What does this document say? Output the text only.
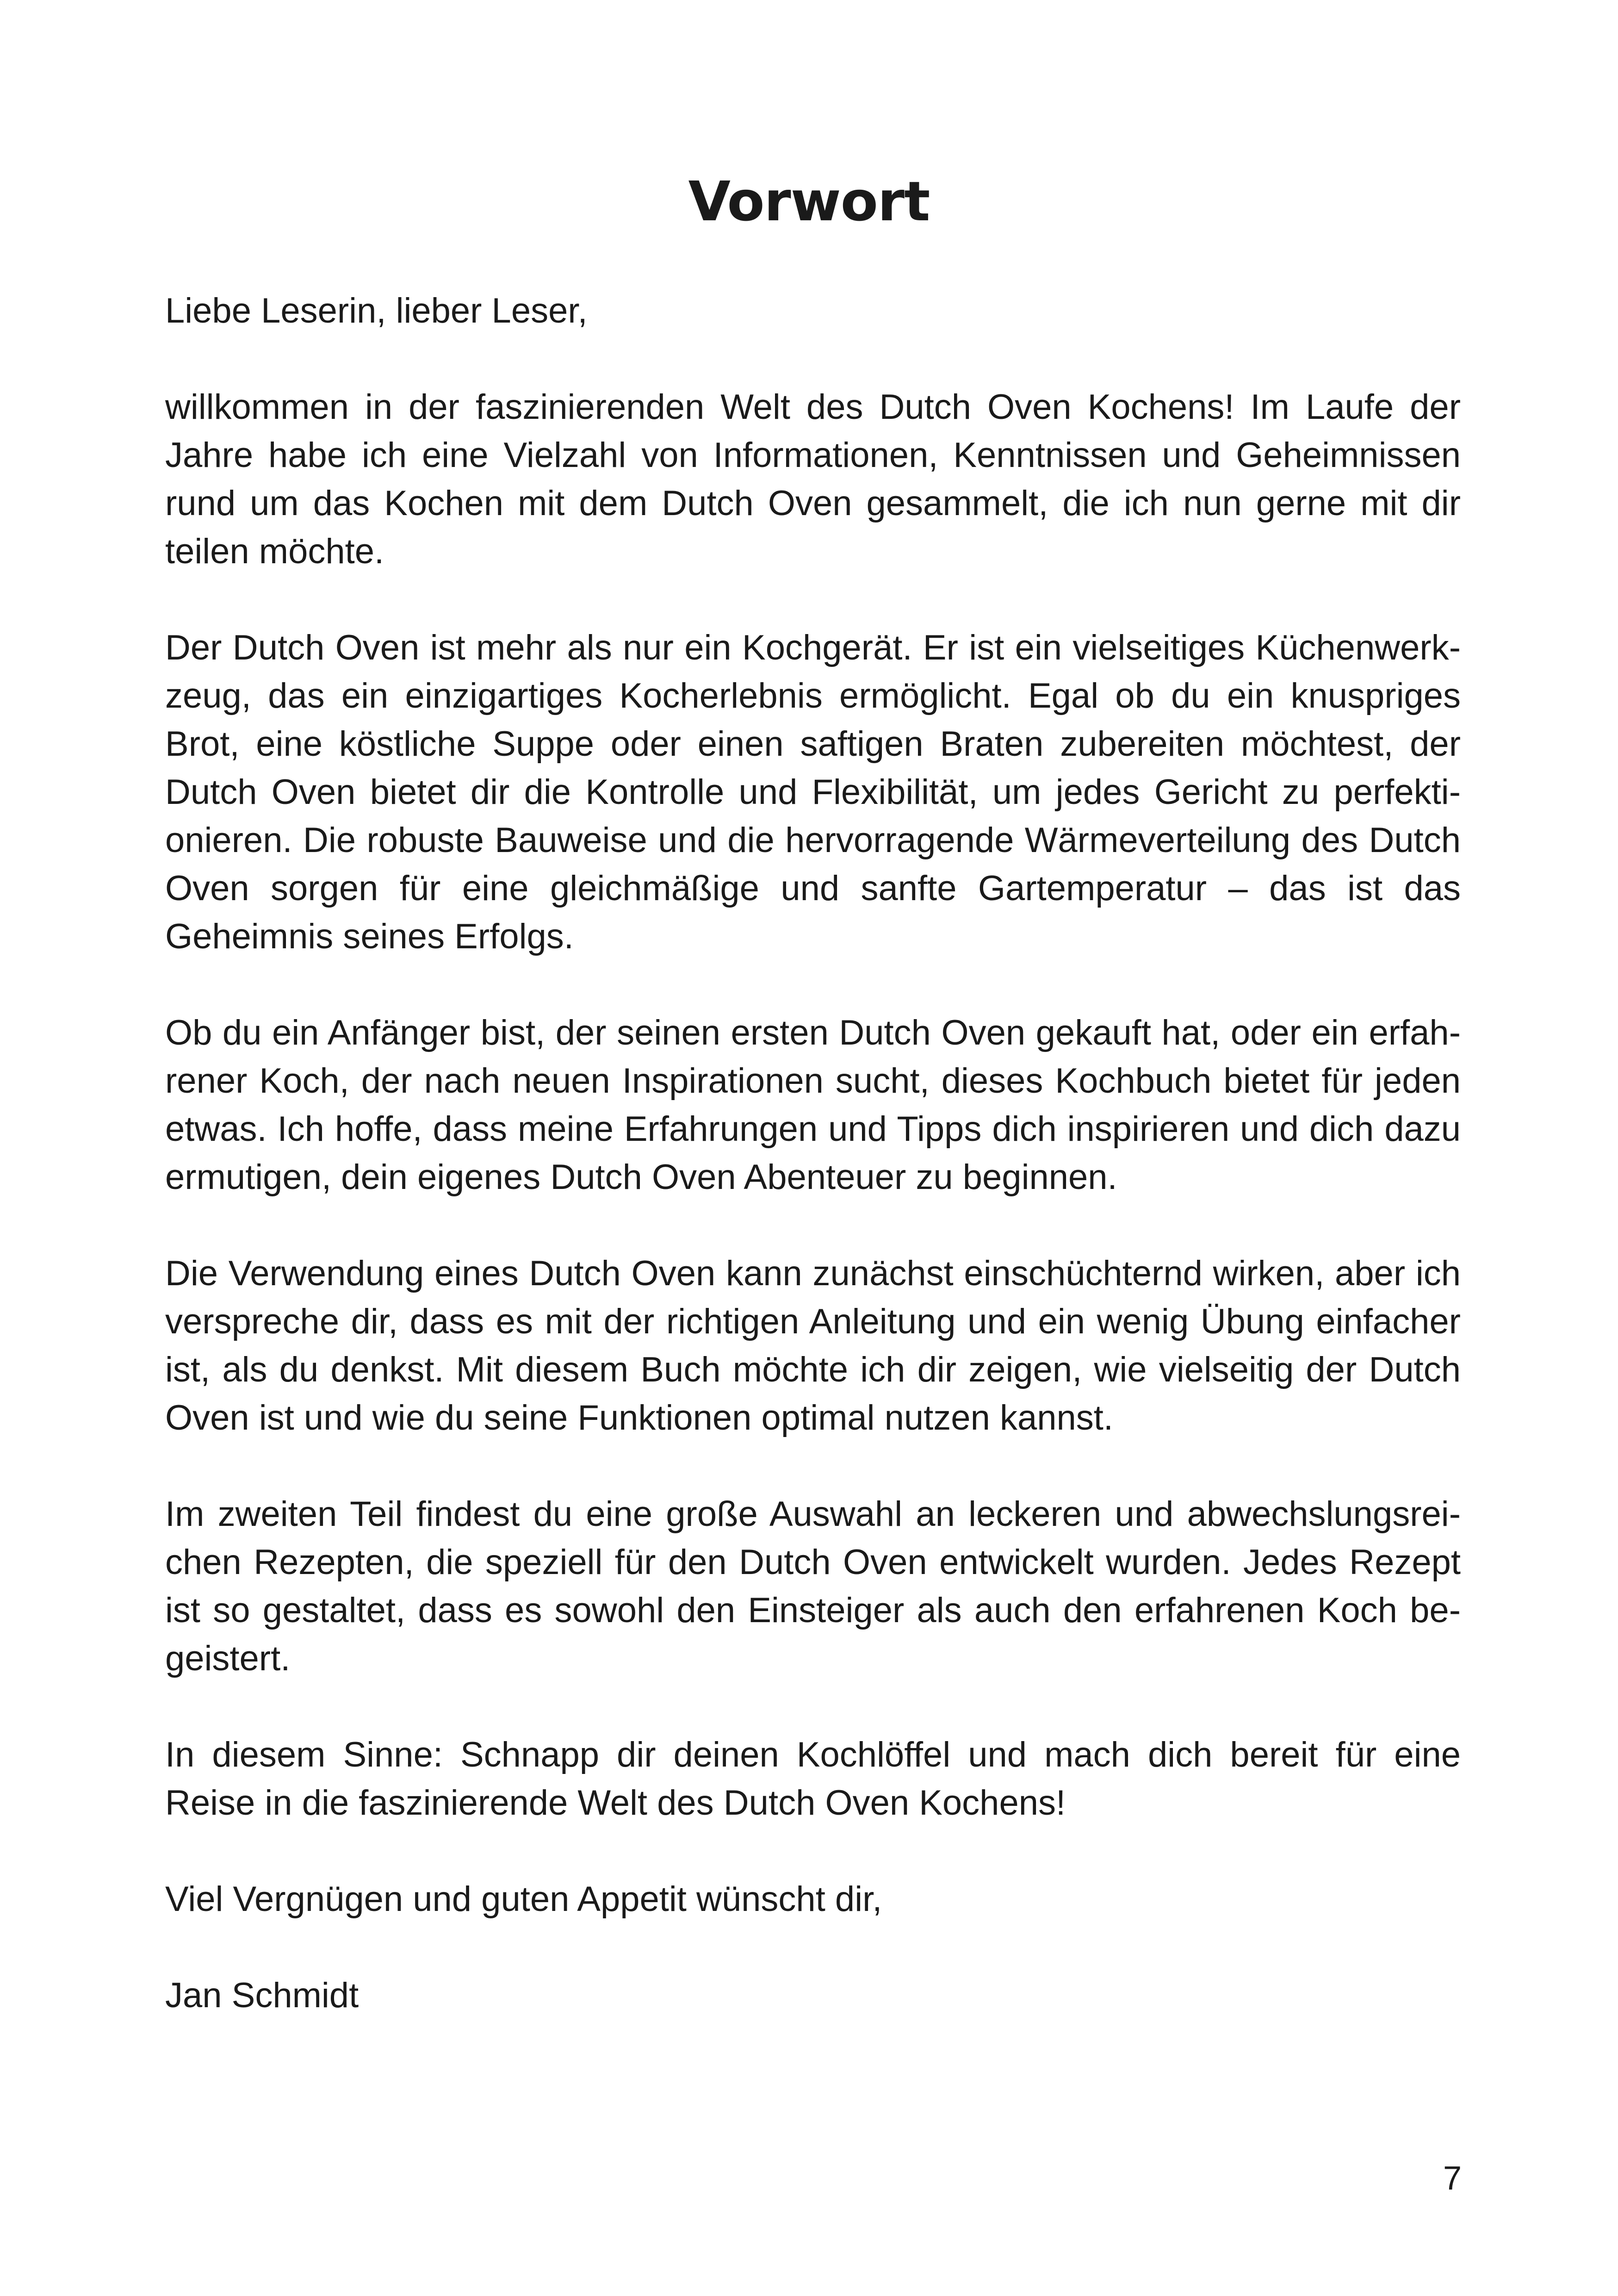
Vorwort

Liebe Leserin, lieber Leser,

willkommen in der faszinierenden Welt des Dutch Oven Kochens! Im Laufe der Jahre habe ich eine Vielzahl von Informationen, Kenntnissen und Geheimnissen rund um das Kochen mit dem Dutch Oven gesammelt, die ich nun gerne mit dir teilen möchte.

Der Dutch Oven ist mehr als nur ein Kochgerät. Er ist ein vielseitiges Küchenwerkzeug, das ein einzigartiges Kocherlebnis ermöglicht. Egal ob du ein knuspriges Brot, eine köstliche Suppe oder einen saftigen Braten zubereiten möchtest, der Dutch Oven bietet dir die Kontrolle und Flexibilität, um jedes Gericht zu perfektionieren. Die robuste Bauweise und die hervorragende Wärmeverteilung des Dutch Oven sorgen für eine gleichmäßige und sanfte Gartemperatur – das ist das Geheimnis seines Erfolgs.

Ob du ein Anfänger bist, der seinen ersten Dutch Oven gekauft hat, oder ein erfahrener Koch, der nach neuen Inspirationen sucht, dieses Kochbuch bietet für jeden etwas. Ich hoffe, dass meine Erfahrungen und Tipps dich inspirieren und dich dazu ermutigen, dein eigenes Dutch Oven Abenteuer zu beginnen.

Die Verwendung eines Dutch Oven kann zunächst einschüchternd wirken, aber ich verspreche dir, dass es mit der richtigen Anleitung und ein wenig Übung einfacher ist, als du denkst. Mit diesem Buch möchte ich dir zeigen, wie vielseitig der Dutch Oven ist und wie du seine Funktionen optimal nutzen kannst.

Im zweiten Teil findest du eine große Auswahl an leckeren und abwechslungsreichen Rezepten, die speziell für den Dutch Oven entwickelt wurden. Jedes Rezept ist so gestaltet, dass es sowohl den Einsteiger als auch den erfahrenen Koch begeistert.

In diesem Sinne: Schnapp dir deinen Kochlöffel und mach dich bereit für eine Reise in die faszinierende Welt des Dutch Oven Kochens!

Viel Vergnügen und guten Appetit wünscht dir,

Jan Schmidt

7
